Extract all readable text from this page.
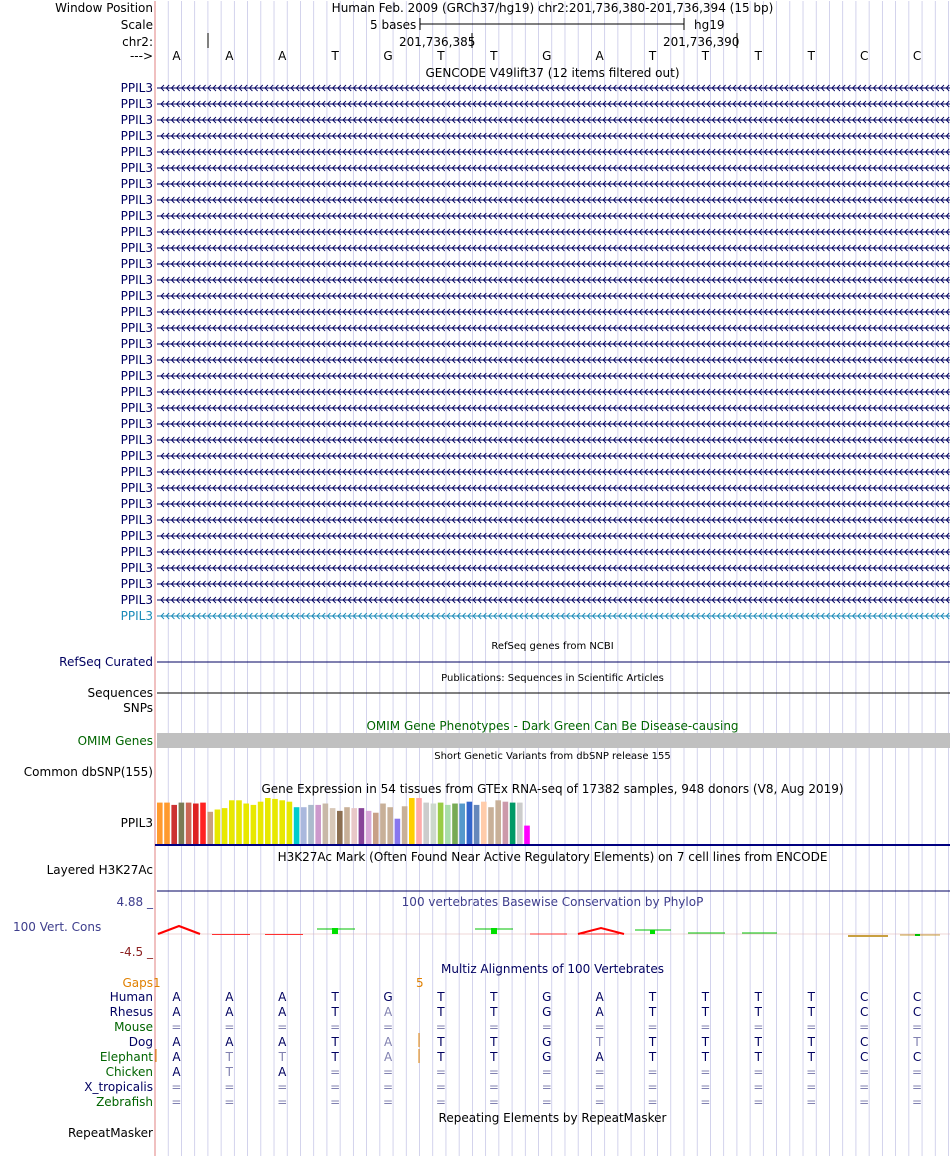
Window Position
Scale
chr2:
--->
Human Feb. 2009 (GRCh37/hg19) chr2:201,736,380-201,736,394 (15 bp)
5 bases	hg19
201,736,385	201,736,390
A	A	A	T	G	T	T	G	A	T	T	T	T	C	C
GENCODE V49lift37 (12 items filtered out)
PPIL3
PPIL3
PPIL3
PPIL3
PPIL3
PPIL3
PPIL3
PPIL3
PPIL3
PPIL3
PPIL3
PPIL3
PPIL3
PPIL3
PPIL3
PPIL3
PPIL3
PPIL3
PPIL3
PPIL3
PPIL3
PPIL3
PPIL3
PPIL3
PPIL3
PPIL3
PPIL3
PPIL3
PPIL3
PPIL3
PPIL3
PPIL3
PPIL3
PPIL3
RefSeq genes from NCBI
RefSeq Curated
Publications: Sequences in Scientific Articles
Sequences
SNPs
OMIM Gene Phenotypes - Dark Green Can Be Disease-causing
OMIM Genes
Short Genetic Variants from dbSNP release 155
Common dbSNP(155)
Gene Expression in 54 tissues from GTEx RNA-seq of 17382 samples, 948 donors (V8, Aug 2019)
PPIL3
H3K27Ac Mark (Often Found Near Active Regulatory Elements) on 7 cell lines from ENCODE
Layered H3K27Ac
100 vertebrates Basewise Conservation by PhyloP
4.88 _
100 Vert. Cons
-4.5 _
Multiz Alignments of 100 Vertebrates
Gaps 1	5
Human	A	A	A	T	G	T	T	G	A	T	T	T	T	C	C
Rhesus	A	A	A	T	A	T	T	G	A	T	T	T	T	C	C
Mouse	=	=	=	=	=	=	=	=	=	=	=	=	=	=	=
Dog	A	A	A	T	A	T	T	G	T	T	T	T	T	C	T
Elephant	A	T	T	T	A	T	T	G	A	T	T	T	T	C	C
Chicken	A	T	A	=	=	=	=	=	=	=	=	=	=	=	=
X_tropicalis	=	=	=	=	=	=	=	=	=	=	=	=	=	=	=
Zebrafish	=	=	=	=	=	=	=	=	=	=	=	=	=	=	=
Repeating Elements by RepeatMasker
RepeatMasker
